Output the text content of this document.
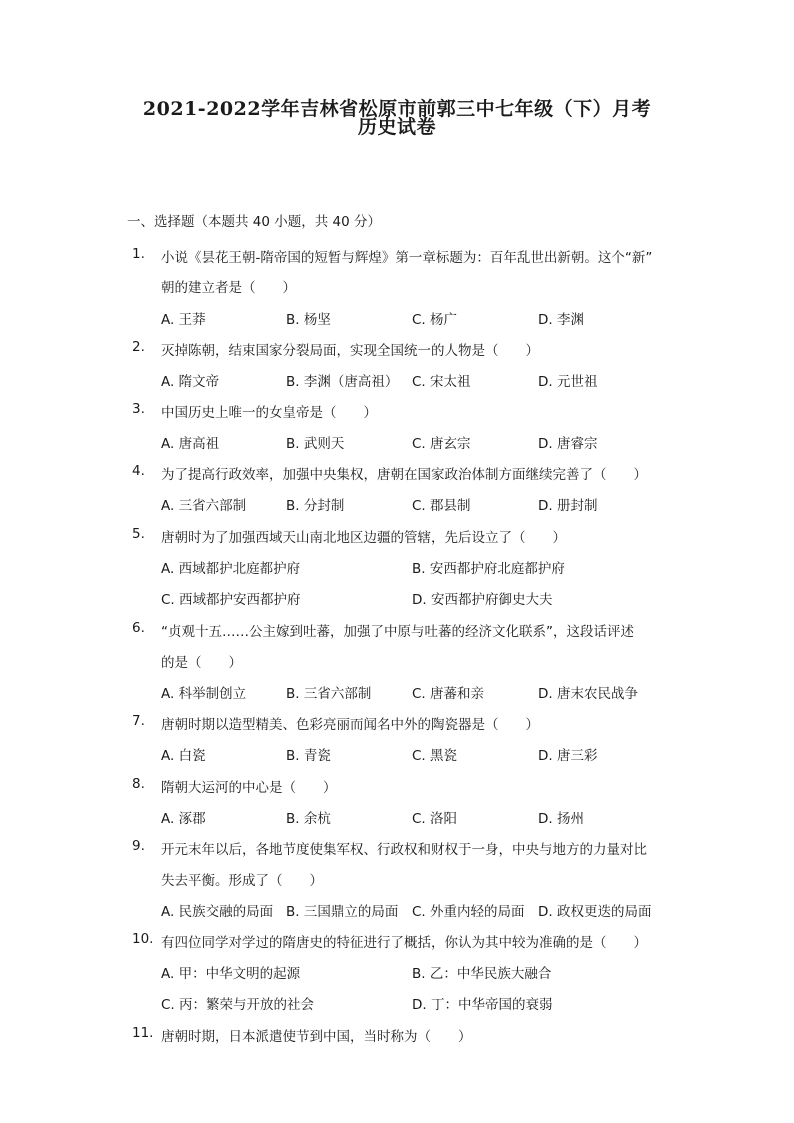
2021-2022学年吉林省松原市前郭三中七年级（下）月考
历史试卷
一、选择题（本题共 40 小题，共 40 分）
1. 小说《昙花王朝-隋帝国的短暂与辉煌》第一章标题为：百年乱世出新朝。这个“新”
朝的建立者是（　　）
A. 王莽	B. 杨坚	C. 杨广	D. 李渊
2. 灭掉陈朝，结束国家分裂局面，实现全国统一的人物是（　　）
A. 隋文帝	B. 李渊（唐高祖） C. 宋太祖	D. 元世祖
3. 中国历史上唯一的女皇帝是（　　）
A. 唐高祖	B. 武则天	C. 唐玄宗	D. 唐睿宗
4. 为了提高行政效率，加强中央集权，唐朝在国家政治体制方面继续完善了（　　）
A. 三省六部制	B. 分封制	C. 郡县制	D. 册封制
5. 唐朝时为了加强西域天山南北地区边疆的管辖，先后设立了（　　）
A. 西域都护北庭都护府	B. 安西都护府北庭都护府
C. 西域都护安西都护府	D. 安西都护府御史大夫
6. “贞观十五……公主嫁到吐蕃，加强了中原与吐蕃的经济文化联系”，这段话评述
的是（　　）
A. 科举制创立	B. 三省六部制	C. 唐蕃和亲	D. 唐末农民战争
7. 唐朝时期以造型精美、色彩亮丽而闻名中外的陶瓷器是（　　）
A. 白瓷	B. 青瓷	C. 黑瓷	D. 唐三彩
8. 隋朝大运河的中心是（　　）
A. 涿郡	B. 余杭	C. 洛阳	D. 扬州
9. 开元末年以后，各地节度使集军权、行政权和财权于一身，中央与地方的力量对比
失去平衡。形成了（　　）
A. 民族交融的局面 B. 三国鼎立的局面 C. 外重内轻的局面 D. 政权更迭的局面
10. 有四位同学对学过的隋唐史的特征进行了概括，你认为其中较为准确的是（　　）
A. 甲：中华文明的起源	B. 乙：中华民族大融合
C. 丙：繁荣与开放的社会	D. 丁：中华帝国的衰弱
11. 唐朝时期，日本派遣使节到中国，当时称为（　　）
